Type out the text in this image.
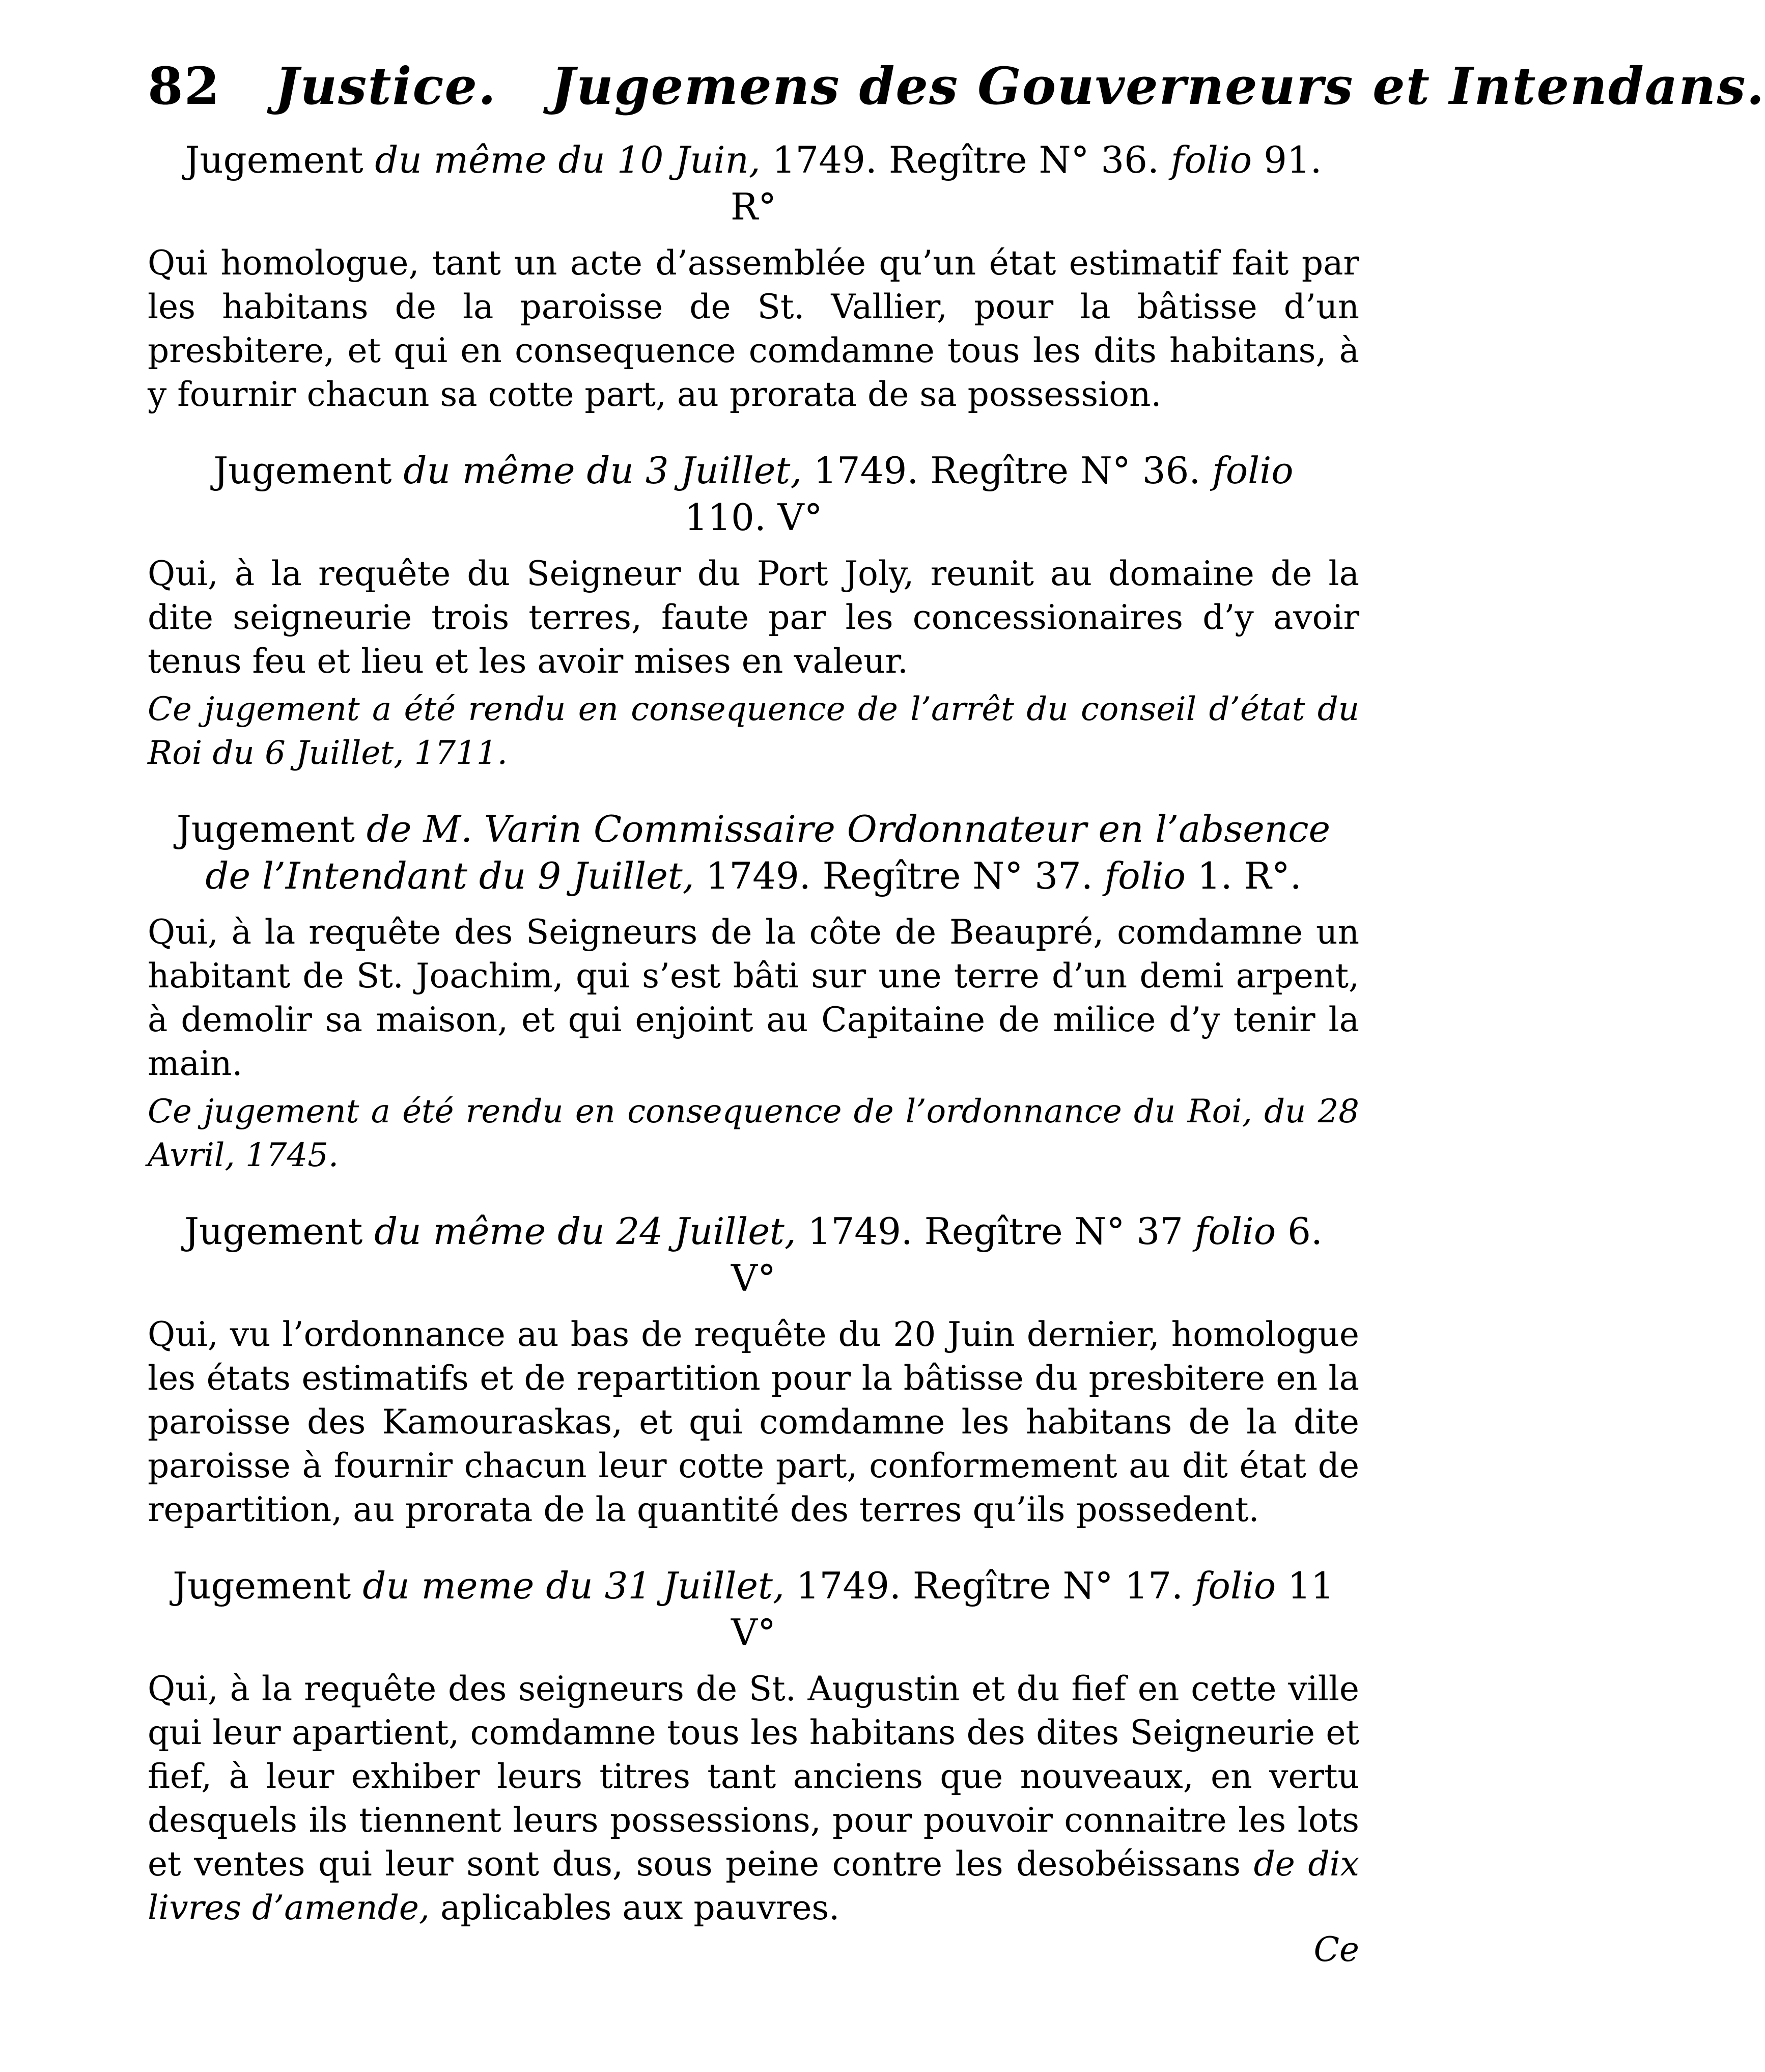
82 Justice. Jugemens des Gouverneurs et Intendans.

Jugement du même du 10 Juin, 1749. Regître N° 36. folio 91. R°

Qui homologue, tant un acte d’assemblée qu’un état estimatif fait par les habitans de la paroisse de St. Vallier, pour la bâtisse d’un presbitere, et qui en consequence comdamne tous les dits habitans, à y fournir chacun sa cotte part, au prorata de sa possession.

Jugement du même du 3 Juillet, 1749. Regître N° 36. folio 110. V°

Qui, à la requête du Seigneur du Port Joly, reunit au domaine de la dite seigneurie trois terres, faute par les concessionaires d’y avoir tenus feu et lieu et les avoir mises en valeur.

Ce jugement a été rendu en consequence de l’arrêt du conseil d’état du Roi du 6 Juillet, 1711.

Jugement de M. Varin Commissaire Ordonnateur en l’absence de l’Intendant du 9 Juillet, 1749. Regître N° 37. folio 1. R°.

Qui, à la requête des Seigneurs de la côte de Beaupré, comdamne un habitant de St. Joachim, qui s’est bâti sur une terre d’un demi arpent, à demolir sa maison, et qui enjoint au Capitaine de milice d’y tenir la main.

Ce jugement a été rendu en consequence de l’ordonnance du Roi, du 28 Avril, 1745.

Jugement du même du 24 Juillet, 1749. Regître N° 37 folio 6. V°

Qui, vu l’ordonnance au bas de requête du 20 Juin dernier, homologue les états estimatifs et de repartition pour la bâtisse du presbitere en la paroisse des Kamouraskas, et qui comdamne les habitans de la dite paroisse à fournir chacun leur cotte part, conformement au dit état de repartition, au prorata de la quantité des terres qu’ils possedent.

Jugement du meme du 31 Juillet, 1749. Regître N° 17. folio 11 V°

Qui, à la requête des seigneurs de St. Augustin et du fief en cette ville qui leur apartient, comdamne tous les habitans des dites Seigneurie et fief, à leur exhiber leurs titres tant anciens que nouveaux, en vertu desquels ils tiennent leurs possessions, pour pouvoir connaitre les lots et ventes qui leur sont dus, sous peine contre les desobéissans de dix livres d’amende, aplicables aux pauvres.

Ce
